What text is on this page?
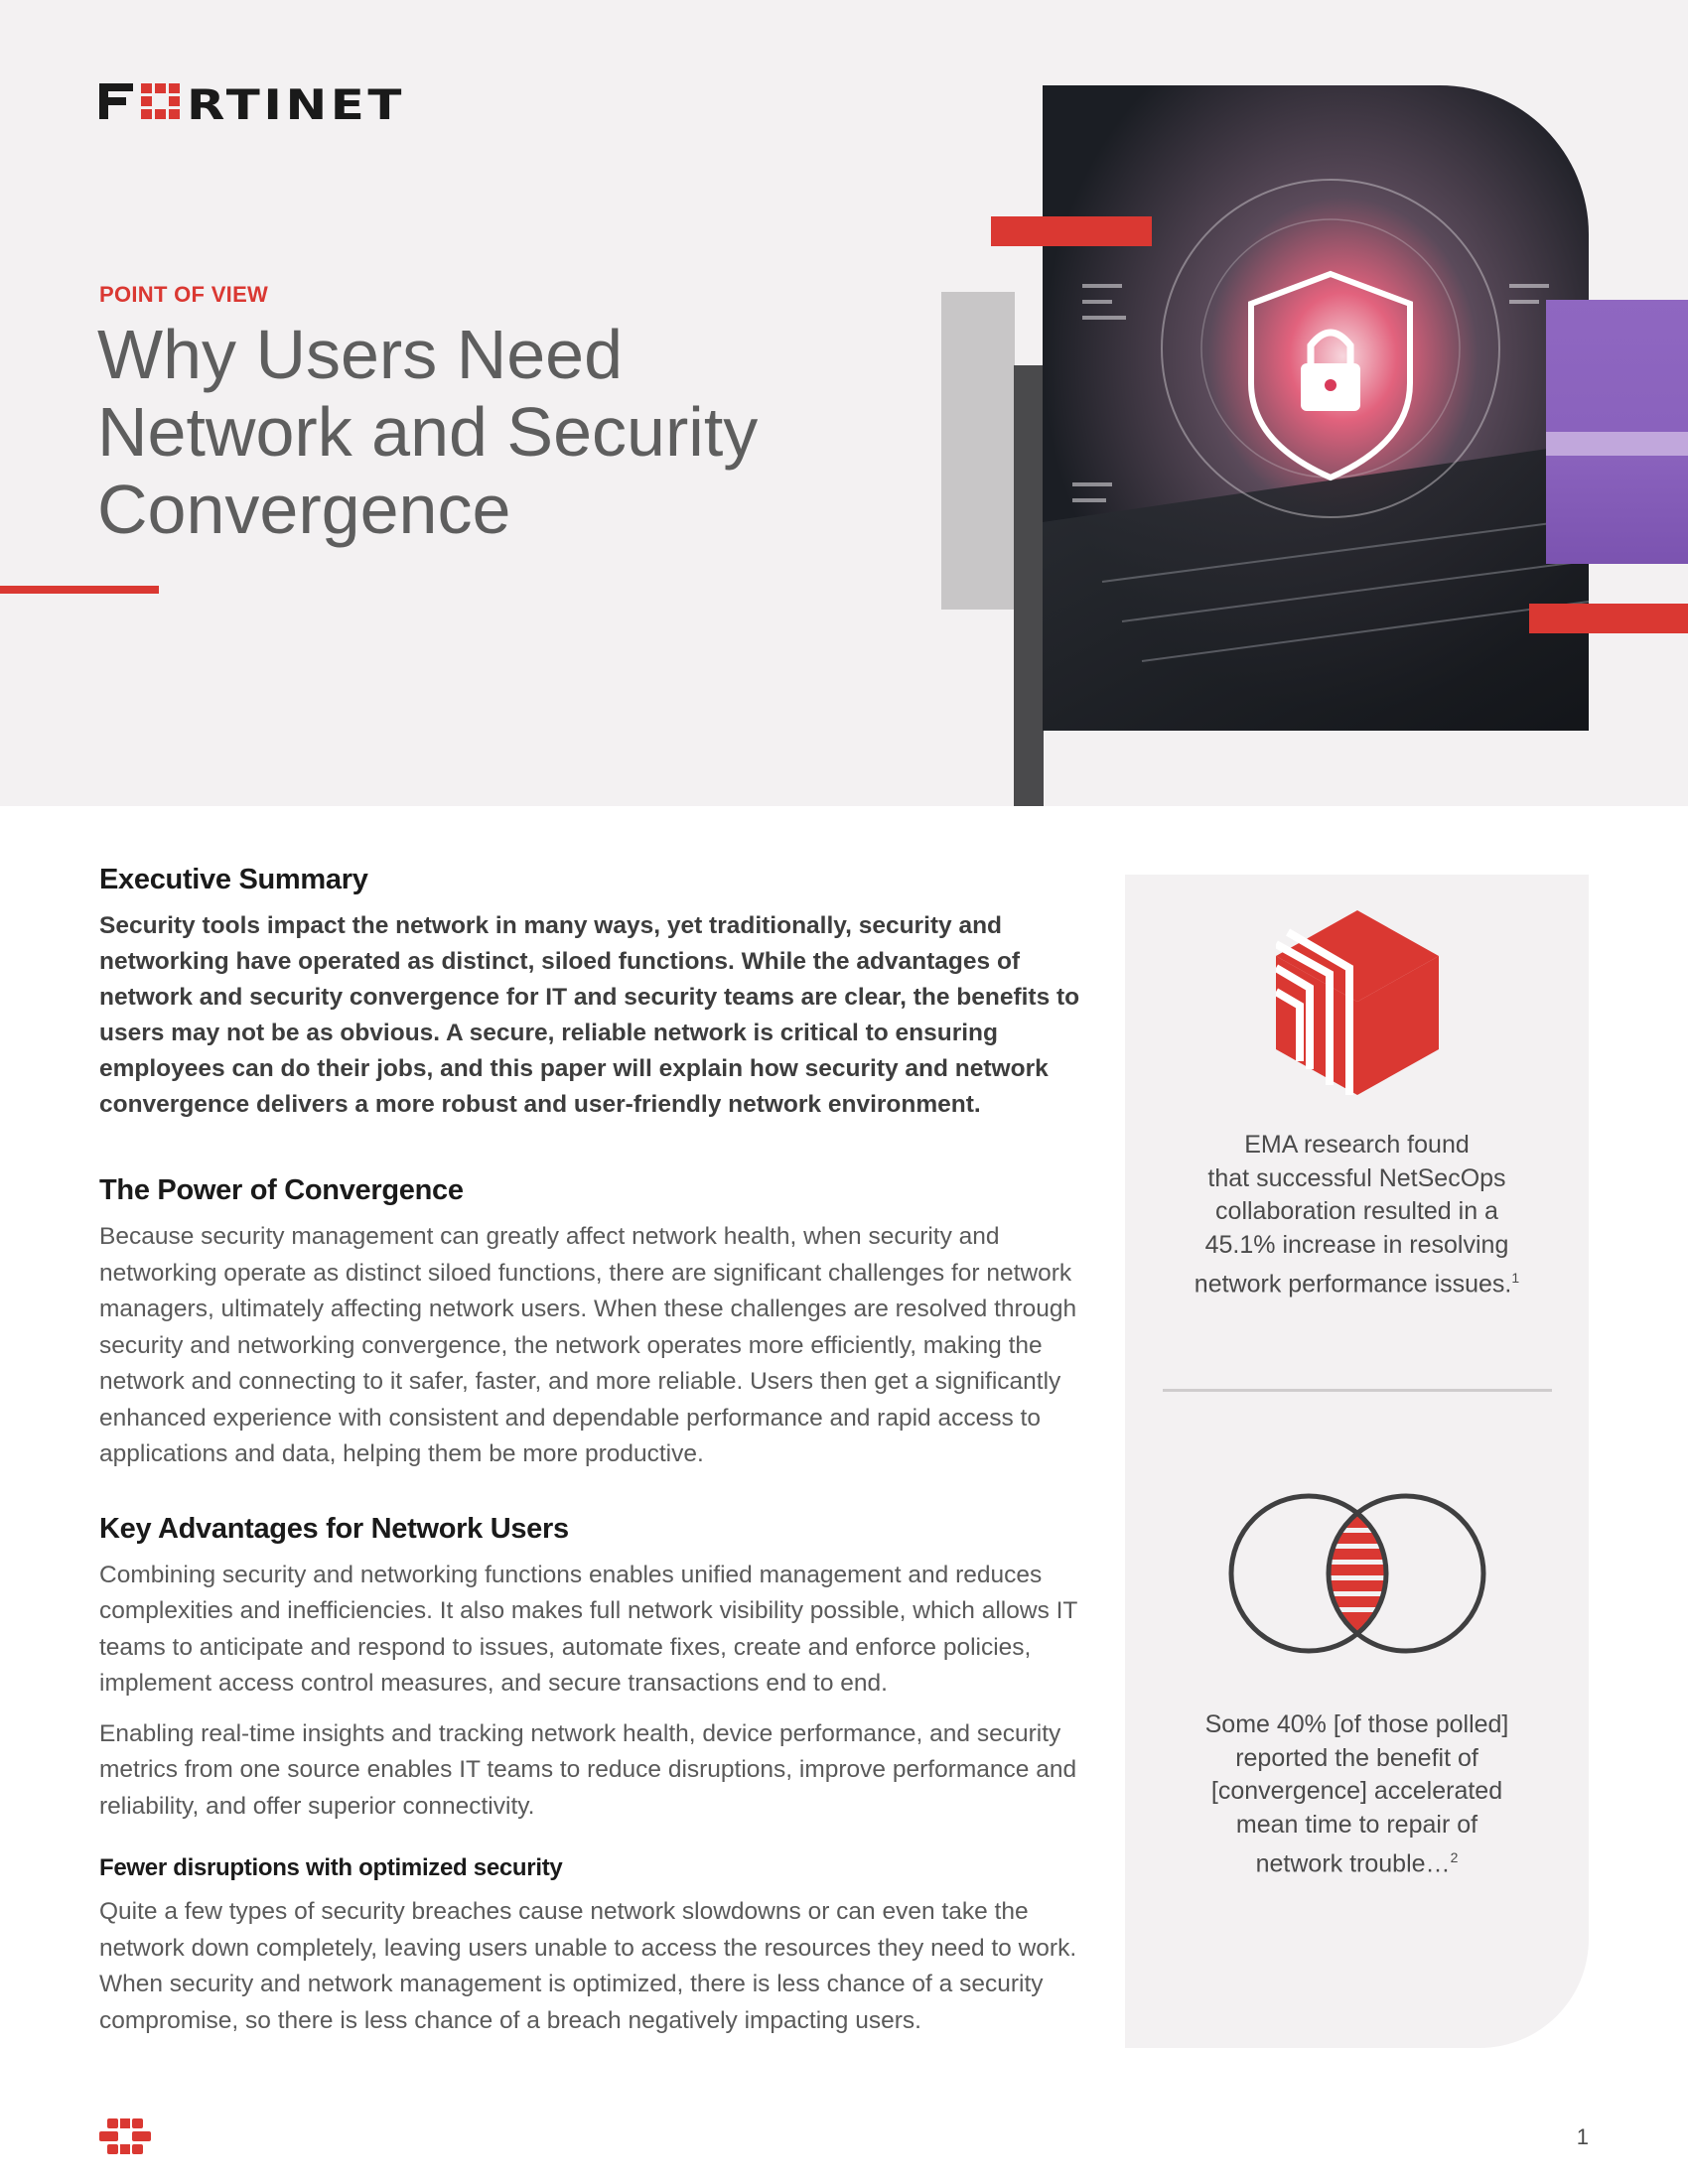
RTINET

POINT OF VIEW

Why Users Need
Network and Security
Convergence
Executive Summary

Security tools impact the network in many ways, yet traditionally, security and networking have operated as distinct, siloed functions. While the advantages of network and security convergence for IT and security teams are clear, the benefits to users may not be as obvious. A secure, reliable network is critical to ensuring employees can do their jobs, and this paper will explain how security and network convergence delivers a more robust and user-friendly network environment.

The Power of Convergence

Because security management can greatly affect network health, when security and networking operate as distinct siloed functions, there are significant challenges for network managers, ultimately affecting network users. When these challenges are resolved through security and networking convergence, the network operates more efficiently, making the network and connecting to it safer, faster, and more reliable. Users then get a significantly enhanced experience with consistent and dependable performance and rapid access to applications and data, helping them be more productive.

Key Advantages for Network Users

Combining security and networking functions enables unified management and reduces complexities and inefficiencies. It also makes full network visibility possible, which allows IT teams to anticipate and respond to issues, automate fixes, create and enforce policies, implement access control measures, and secure transactions end to end.

Enabling real-time insights and tracking network health, device performance, and security metrics from one source enables IT teams to reduce disruptions, improve performance and reliability, and offer superior connectivity.

Fewer disruptions with optimized security

Quite a few types of security breaches cause network slowdowns or can even take the network down completely, leaving users unable to access the resources they need to work. When security and network management is optimized, there is less chance of a security compromise, so there is less chance of a breach negatively impacting users.

EMA research found
that successful NetSecOps
collaboration resulted in a
45.1% increase in resolving
network performance issues.$^1$

Some 40% [of those polled]
reported the benefit of
[convergence] accelerated
mean time to repair of
network trouble…$^2$

1
